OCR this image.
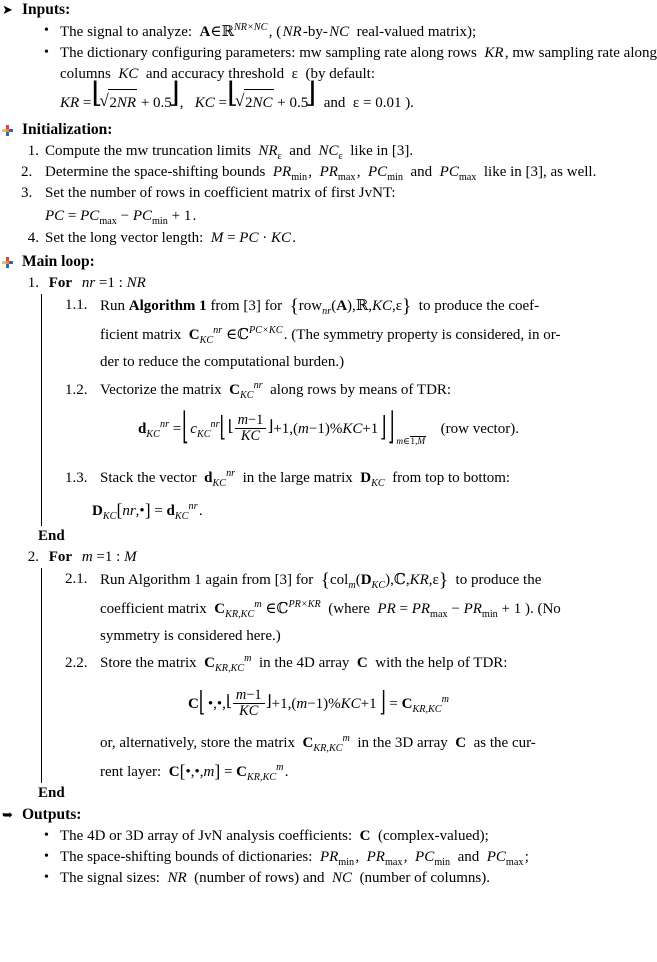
➤ Inputs:
• The signal to analyze:  A∈ℝ$^{NR\times NC}$ , ( NR -by- NC  real-valued matrix);
• The dictionary configuring parameters: mw sampling rate along rows  KR , mw sampling rate along columns  KC  and accuracy threshold  ε  (by default:
KR = ⌊ √ 2NR + 0.5 ⌋ , KC = ⌊ √ 2NC + 0.5 ⌋ and ε = 0.01 ).
Initialization:
Compute the mw truncation limits  $NR_\varepsilon$  and  $NC_\varepsilon$  like in [3].
Determine the space-shifting bounds  $PR_{min}$ ,  $PR_{max}$ ,  $PC_{min}$  and  $PC_{max}$  like in [3], as well.
Set the number of rows in coefficient matrix of first JvNT:
PC = $PC_{max} - PC_{min} + 1$ .
Set the long vector length:  M = PC · KC .
Main loop:
1. For nr =1 : NR
1.1. Run Algorithm 1 from [3] for  {row$_{nr}$(A),ℝ,KC,ε}  to produce the coef-
ficient matrix  $C_{KC}^{nr}$ ∈ℂ$^{PC\times KC}$ . (The symmetry property is considered, in or-
der to reduce the computational burden.)
1.2. Vectorize the matrix  $C_{KC}^{nr}$  along rows by means of TDR:
$d_{KC}^{nr}$ = ⌊ $c_{KC}^{nr}$ ⌊ ⌊ $\frac{m-1}{KC}$
⌋ +1,(m−1)%KC+1 ⌋ $⌋_{m\in 1,M}$    (row vector).
1.3. Stack the vector  $d_{KC}^{nr}$  in the large matrix  $D_{KC}$  from top to bottom:
$D_{KC}[nr,•] = d_{KC}^{nr}$ .
End
2. For m =1 : M
2.1. Run Algorithm 1 again from [3] for  $\{col_m(D_{KC}),ℂ,KR,\varepsilon\}$  to produce the
coefficient matrix  $C_{KR,KC}^m$ ∈ℂ$^{PR\times KR}$  (where  PR = $PR_{max} - PR_{min} + 1$ ). (No
symmetry is considered here.)
2.2. Store the matrix  $C_{KR,KC}^m$  in the 4D array  C  with the help of TDR:
C ⌊ •,•, ⌊ $\frac{m-1}{KC}$
⌋ +1,(m−1)%KC+1 ⌋ = $C_{KR,KC}^m$
or, alternatively, store the matrix  $C_{KR,KC}^m$  in the 3D array  C  as the cur-
rent layer:  C[•,•,m] = $C_{KR,KC}^m$ .
End
➥ Outputs:
• The 4D or 3D array of JvN analysis coefficients:  C  (complex-valued);
• The space-shifting bounds of dictionaries:  $PR_{min}$ ,  $PR_{max}$ ,  $PC_{min}$  and  $PC_{max}$ ;
• The signal sizes:  NR  (number of rows) and  NC  (number of columns).
